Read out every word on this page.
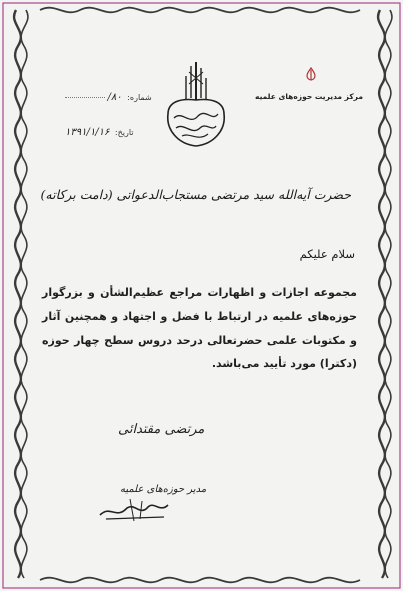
مرکز مدیریت حوزه‌های علمیه
شماره: ۸۰/
تاریخ: ۱۳۹۱/۱/۱۶
حضرت آیه‌الله سید مرتضی مستجاب‌الدعواتی (دامت برکاته)
سلام علیکم
مجموعه اجازات و اظهارات مراجع عظیم‌الشأن و بزرگوار حوزه‌های علمیه در ارتباط با فضل و اجتهاد و همچنین آثار و مکتوبات علمی حضرتعالی درحد دروس سطح چهار حوزه (دکترا) مورد تأیید می‌باشد.
مرتضی مقتدائی
مدیر حوزه‌های علمیه
